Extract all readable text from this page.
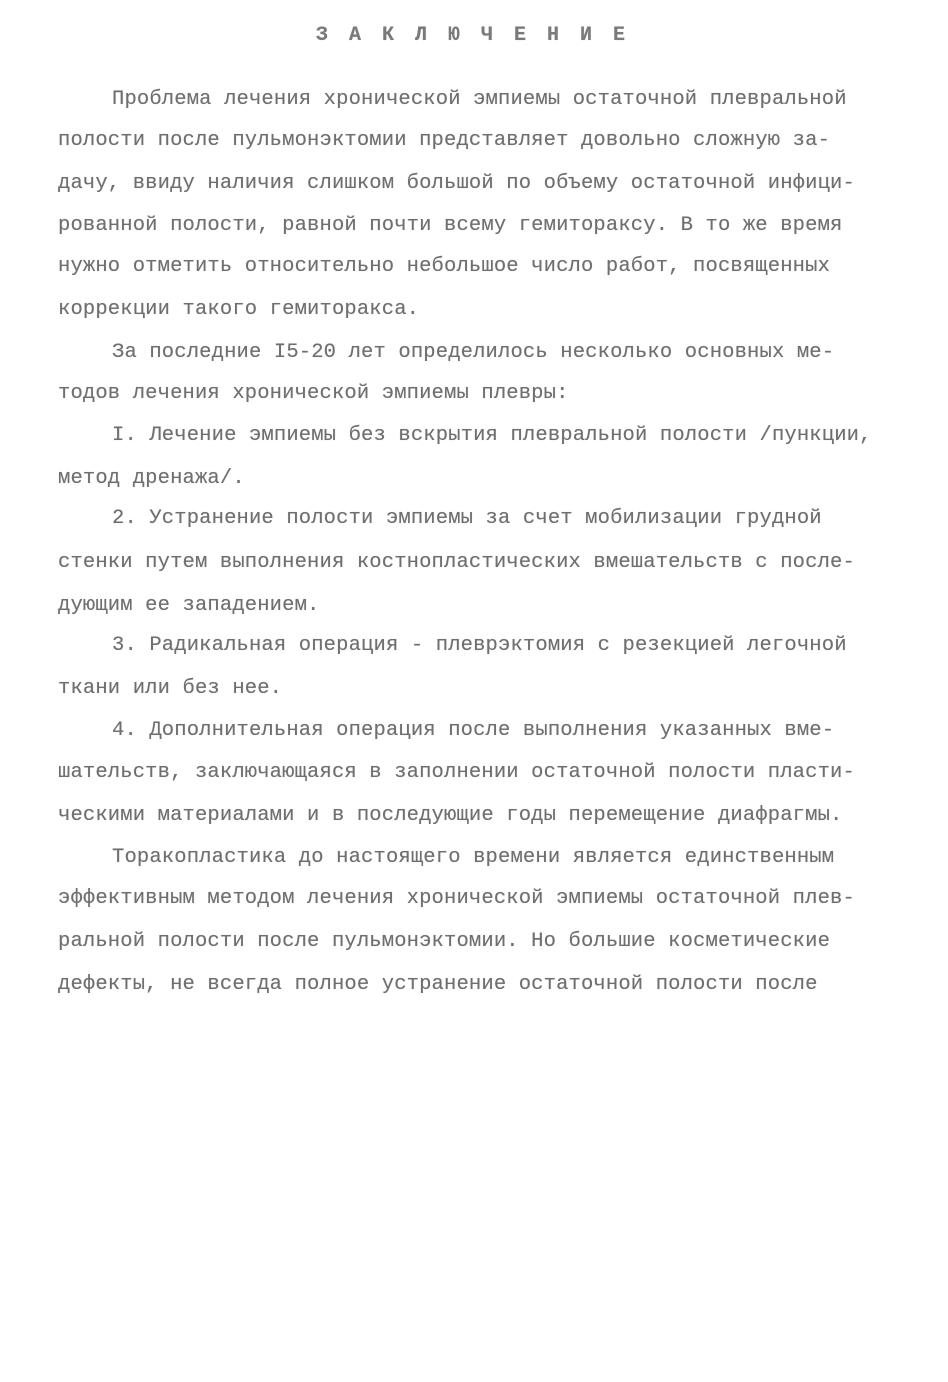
З А К Л Ю Ч Е Н И Е
Проблема лечения хронической эмпиемы остаточной плевральной
полости после пульмонэктомии представляет довольно сложную за-
дачу, ввиду наличия слишком большой по объему остаточной инфици-
рованной полости, равной почти всему гемитораксу. В то же время
нужно отметить относительно небольшое число работ, посвященных
коррекции такого гемиторакса.
За последние I5-20 лет определилось несколько основных ме-
тодов лечения хронической эмпиемы плевры:
I. Лечение эмпиемы без вскрытия плевральной полости /пункции,
метод дренажа/.
2. Устранение полости эмпиемы за счет мобилизации грудной
стенки путем выполнения костнопластических вмешательств с после-
дующим ее западением.
3. Радикальная операция - плеврэктомия с резекцией легочной
ткани или без нее.
4. Дополнительная операция после выполнения указанных вме-
шательств, заключающаяся в заполнении остаточной полости пласти-
ческими материалами и в последующие годы перемещение диафрагмы.
Торакопластика до настоящего времени является единственным
эффективным методом лечения хронической эмпиемы остаточной плев-
ральной полости после пульмонэктомии. Но большие косметические
дефекты, не всегда полное устранение остаточной полости после
